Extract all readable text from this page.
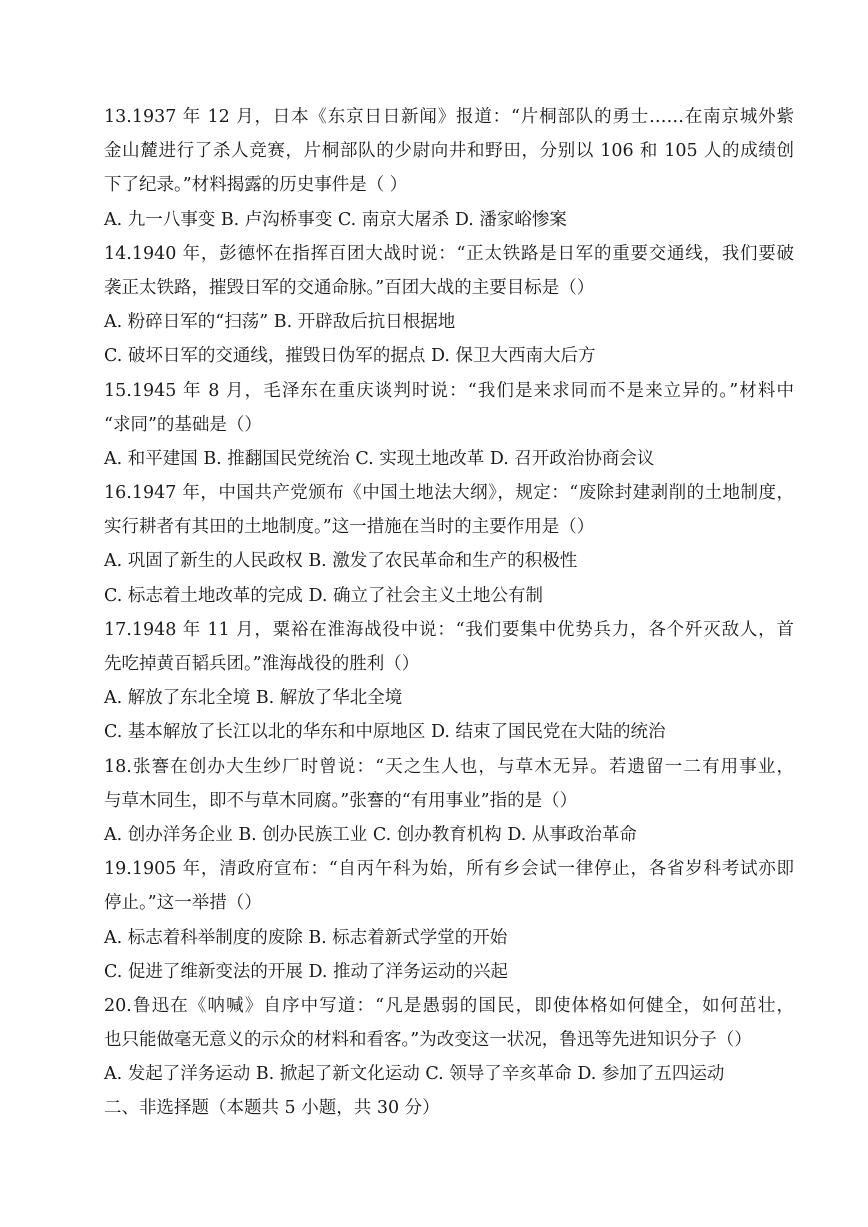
13.1937 年 12 月，日本《东京日日新闻》报道：“片桐部队的勇士……在南京城外紫
金山麓进行了杀人竞赛，片桐部队的少尉向井和野田，分别以 106 和 105 人的成绩创
下了纪录。”材料揭露的历史事件是（ ）
A. 九一八事变 B. 卢沟桥事变 C. 南京大屠杀 D. 潘家峪惨案
14.1940 年，彭德怀在指挥百团大战时说：“正太铁路是日军的重要交通线，我们要破
袭正太铁路，摧毁日军的交通命脉。”百团大战的主要目标是（）
A. 粉碎日军的“扫荡” B. 开辟敌后抗日根据地
C. 破坏日军的交通线，摧毁日伪军的据点 D. 保卫大西南大后方
15.1945 年 8 月，毛泽东在重庆谈判时说：“我们是来求同而不是来立异的。”材料中
“求同”的基础是（）
A. 和平建国 B. 推翻国民党统治 C. 实现土地改革 D. 召开政治协商会议
16.1947 年，中国共产党颁布《中国土地法大纲》，规定：“废除封建剥削的土地制度，
实行耕者有其田的土地制度。”这一措施在当时的主要作用是（）
A. 巩固了新生的人民政权 B. 激发了农民革命和生产的积极性
C. 标志着土地改革的完成 D. 确立了社会主义土地公有制
17.1948 年 11 月，粟裕在淮海战役中说：“我们要集中优势兵力，各个歼灭敌人，首
先吃掉黄百韬兵团。”淮海战役的胜利（）
A. 解放了东北全境 B. 解放了华北全境
C. 基本解放了长江以北的华东和中原地区 D. 结束了国民党在大陆的统治
18.张謇在创办大生纱厂时曾说：“天之生人也，与草木无异。若遗留一二有用事业，
与草木同生，即不与草木同腐。”张謇的“有用事业”指的是（）
A. 创办洋务企业 B. 创办民族工业 C. 创办教育机构 D. 从事政治革命
19.1905 年，清政府宣布：“自丙午科为始，所有乡会试一律停止，各省岁科考试亦即
停止。”这一举措（）
A. 标志着科举制度的废除 B. 标志着新式学堂的开始
C. 促进了维新变法的开展 D. 推动了洋务运动的兴起
20.鲁迅在《呐喊》自序中写道：“凡是愚弱的国民，即使体格如何健全，如何茁壮，
也只能做毫无意义的示众的材料和看客。”为改变这一状况，鲁迅等先进知识分子（）
A. 发起了洋务运动 B. 掀起了新文化运动 C. 领导了辛亥革命 D. 参加了五四运动
二、非选择题（本题共 5 小题，共 30 分）
